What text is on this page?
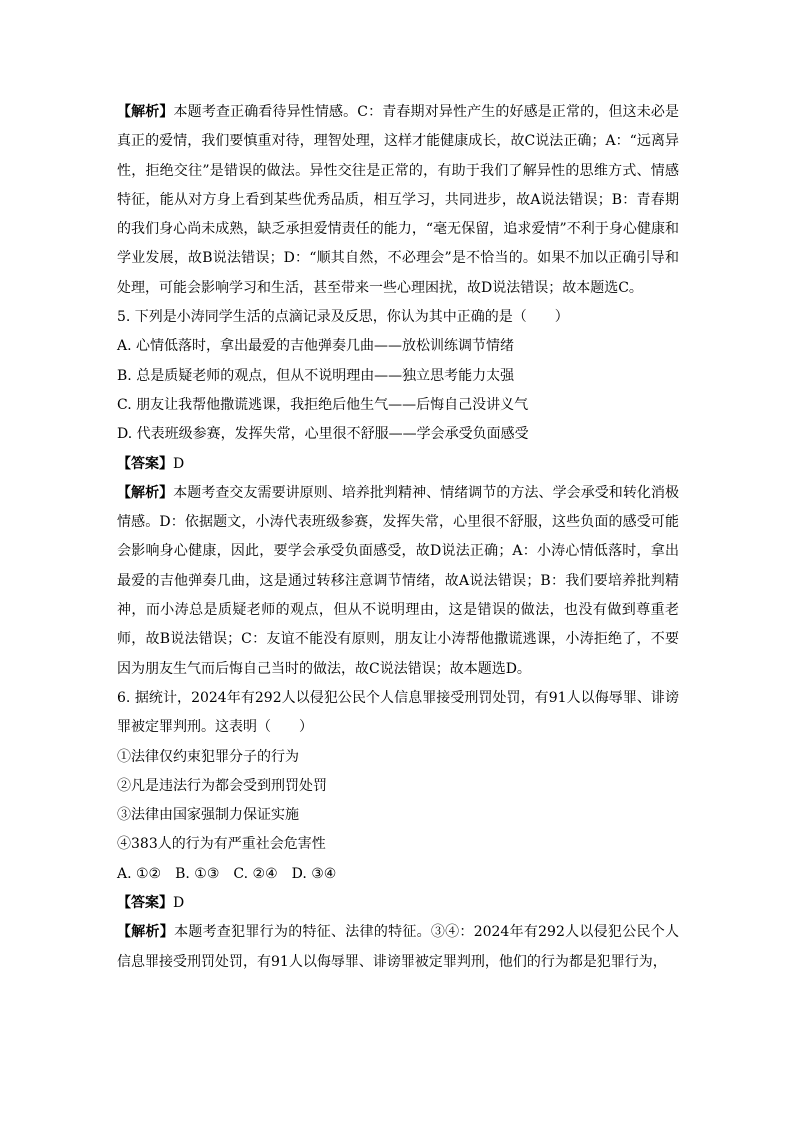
【解析】本题考查正确看待异性情感。C：青春期对异性产生的好感是正常的，但这未必是真正的爱情，我们要慎重对待，理智处理，这样才能健康成长，故C说法正确；A：“远离异性，拒绝交往”是错误的做法。异性交往是正常的，有助于我们了解异性的思维方式、情感特征，能从对方身上看到某些优秀品质，相互学习，共同进步，故A说法错误；B：青春期的我们身心尚未成熟，缺乏承担爱情责任的能力，“毫无保留，追求爱情”不利于身心健康和学业发展，故B说法错误；D：“顺其自然，不必理会”是不恰当的。如果不加以正确引导和处理，可能会影响学习和生活，甚至带来一些心理困扰，故D说法错误；故本题选C。

5. 下列是小涛同学生活的点滴记录及反思，你认为其中正确的是（　　）

A. 心情低落时，拿出最爱的吉他弹奏几曲——放松训练调节情绪

B. 总是质疑老师的观点，但从不说明理由——独立思考能力太强

C. 朋友让我帮他撒谎逃课，我拒绝后他生气——后悔自己没讲义气

D. 代表班级参赛，发挥失常，心里很不舒服——学会承受负面感受

【答案】D

【解析】本题考查交友需要讲原则、培养批判精神、情绪调节的方法、学会承受和转化消极情感。D：依据题文，小涛代表班级参赛，发挥失常，心里很不舒服，这些负面的感受可能会影响身心健康，因此，要学会承受负面感受，故D说法正确；A：小涛心情低落时，拿出最爱的吉他弹奏几曲，这是通过转移注意调节情绪，故A说法错误；B：我们要培养批判精神，而小涛总是质疑老师的观点，但从不说明理由，这是错误的做法，也没有做到尊重老师，故B说法错误；C：友谊不能没有原则，朋友让小涛帮他撒谎逃课，小涛拒绝了，不要因为朋友生气而后悔自己当时的做法，故C说法错误；故本题选D。

6. 据统计，2024年有292人以侵犯公民个人信息罪接受刑罚处罚，有91人以侮辱罪、诽谤罪被定罪判刑。这表明（　　）

①法律仅约束犯罪分子的行为

②凡是违法行为都会受到刑罚处罚

③法律由国家强制力保证实施

④383人的行为有严重社会危害性

A. ①②　B. ①③　C. ②④　D. ③④

【答案】D

【解析】本题考查犯罪行为的特征、法律的特征。③④：2024年有292人以侵犯公民个人信息罪接受刑罚处罚，有91人以侮辱罪、诽谤罪被定罪判刑，他们的行为都是犯罪行为，
